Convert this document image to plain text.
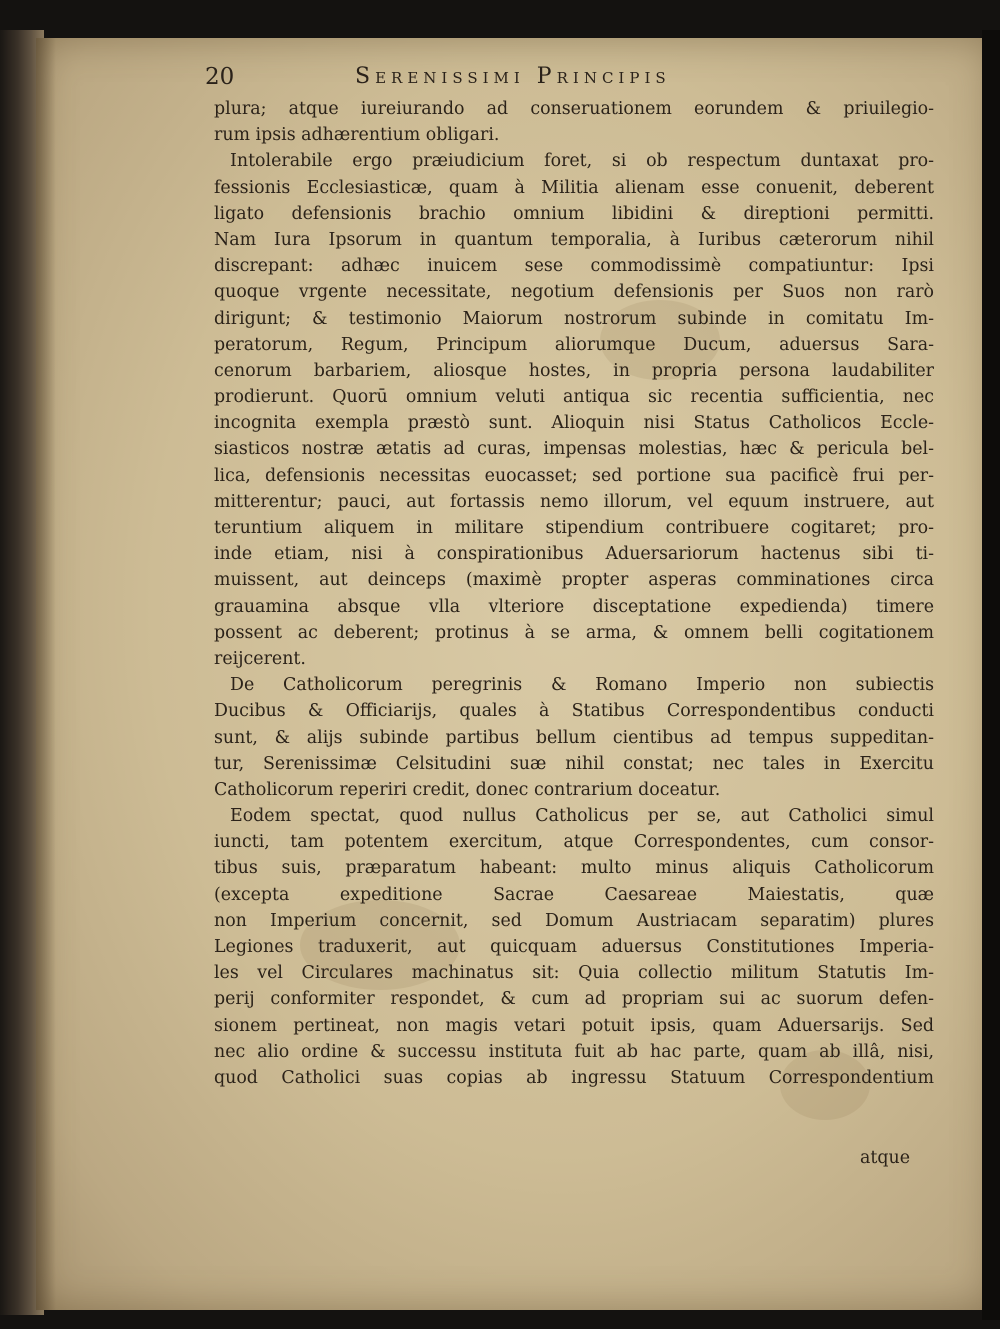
20	Serenissimi Principis
plura; atque iureiurando ad conseruationem eorundem & priuilegio-
rum ipsis adhærentium obligari.
Intolerabile ergo præiudicium foret, si ob respectum duntaxat pro-
fessionis Ecclesiasticæ, quam à Militia alienam esse conuenit, deberent
ligato defensionis brachio omnium libidini & direptioni permitti.
Nam Iura Ipsorum in quantum temporalia, à Iuribus cæterorum nihil
discrepant: adhæc inuicem sese commodissimè compatiuntur: Ipsi
quoque vrgente necessitate, negotium defensionis per Suos non rarò
dirigunt; & testimonio Maiorum nostrorum subinde in comitatu Im-
peratorum, Regum, Principum aliorumque Ducum, aduersus Sara-
cenorum barbariem, aliosque hostes, in propria persona laudabiliter
prodierunt. Quorū omnium veluti antiqua sic recentia sufficientia, nec
incognita exempla præstò sunt. Alioquin nisi Status Catholicos Eccle-
siasticos nostræ ætatis ad curas, impensas molestias, hæc & pericula bel-
lica, defensionis necessitas euocasset; sed portione sua pacificè frui per-
mitterentur; pauci, aut fortassis nemo illorum, vel equum instruere, aut
teruntium aliquem in militare stipendium contribuere cogitaret; pro-
inde etiam, nisi à conspirationibus Aduersariorum hactenus sibi ti-
muissent, aut deinceps (maximè propter asperas comminationes circa
grauamina absque vlla vlteriore disceptatione expedienda) timere
possent ac deberent; protinus à se arma, & omnem belli cogitationem
reijcerent.
De Catholicorum peregrinis & Romano Imperio non subiectis
Ducibus & Officiarijs, quales à Statibus Correspondentibus conducti
sunt, & alijs subinde partibus bellum cientibus ad tempus suppeditan-
tur, Serenissimæ Celsitudini suæ nihil constat; nec tales in Exercitu
Catholicorum reperiri credit, donec contrarium doceatur.
Eodem spectat, quod nullus Catholicus per se, aut Catholici simul
iuncti, tam potentem exercitum, atque Correspondentes, cum consor-
tibus suis, præparatum habeant: multo minus aliquis Catholicorum
(excepta expeditione Sacrae Caesareae Maiestatis, quæ
non Imperium concernit, sed Domum Austriacam separatim) plures
Legiones traduxerit, aut quicquam aduersus Constitutiones Imperia-
les vel Circulares machinatus sit: Quia collectio militum Statutis Im-
perij conformiter respondet, & cum ad propriam sui ac suorum defen-
sionem pertineat, non magis vetari potuit ipsis, quam Aduersarijs. Sed
nec alio ordine & successu instituta fuit ab hac parte, quam ab illâ, nisi,
quod Catholici suas copias ab ingressu Statuum Correspondentium
atque
